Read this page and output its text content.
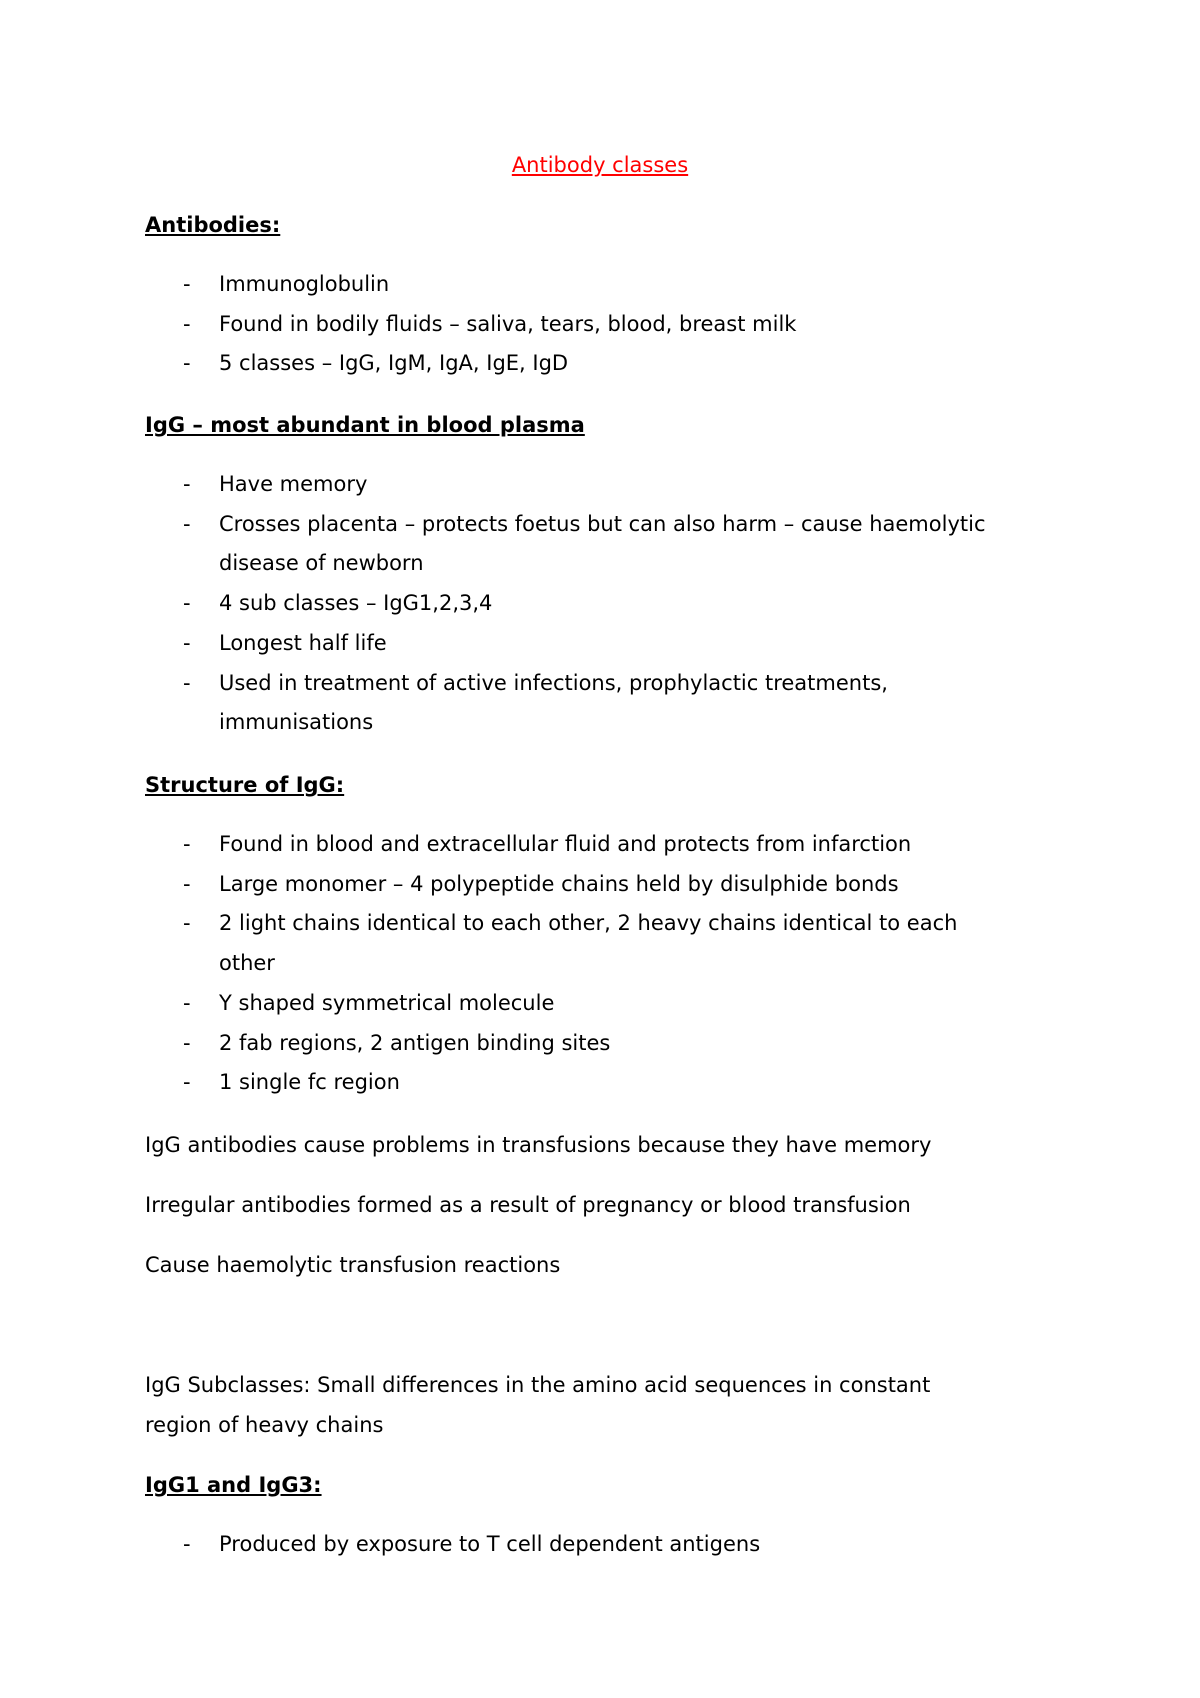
Antibody classes
Antibodies:
- Immunoglobulin
- Found in bodily fluids – saliva, tears, blood, breast milk
- 5 classes – IgG, IgM, IgA, IgE, IgD
IgG – most abundant in blood plasma
- Have memory
- Crosses placenta – protects foetus but can also harm – cause haemolytic
disease of newborn
- 4 sub classes – IgG1,2,3,4
- Longest half life
- Used in treatment of active infections, prophylactic treatments,
immunisations
Structure of IgG:
- Found in blood and extracellular fluid and protects from infarction
- Large monomer – 4 polypeptide chains held by disulphide bonds
- 2 light chains identical to each other, 2 heavy chains identical to each
other
- Y shaped symmetrical molecule
- 2 fab regions, 2 antigen binding sites
- 1 single fc region
IgG antibodies cause problems in transfusions because they have memory
Irregular antibodies formed as a result of pregnancy or blood transfusion
Cause haemolytic transfusion reactions
IgG Subclasses: Small differences in the amino acid sequences in constant
region of heavy chains
IgG1 and IgG3:
- Produced by exposure to T cell dependent antigens
